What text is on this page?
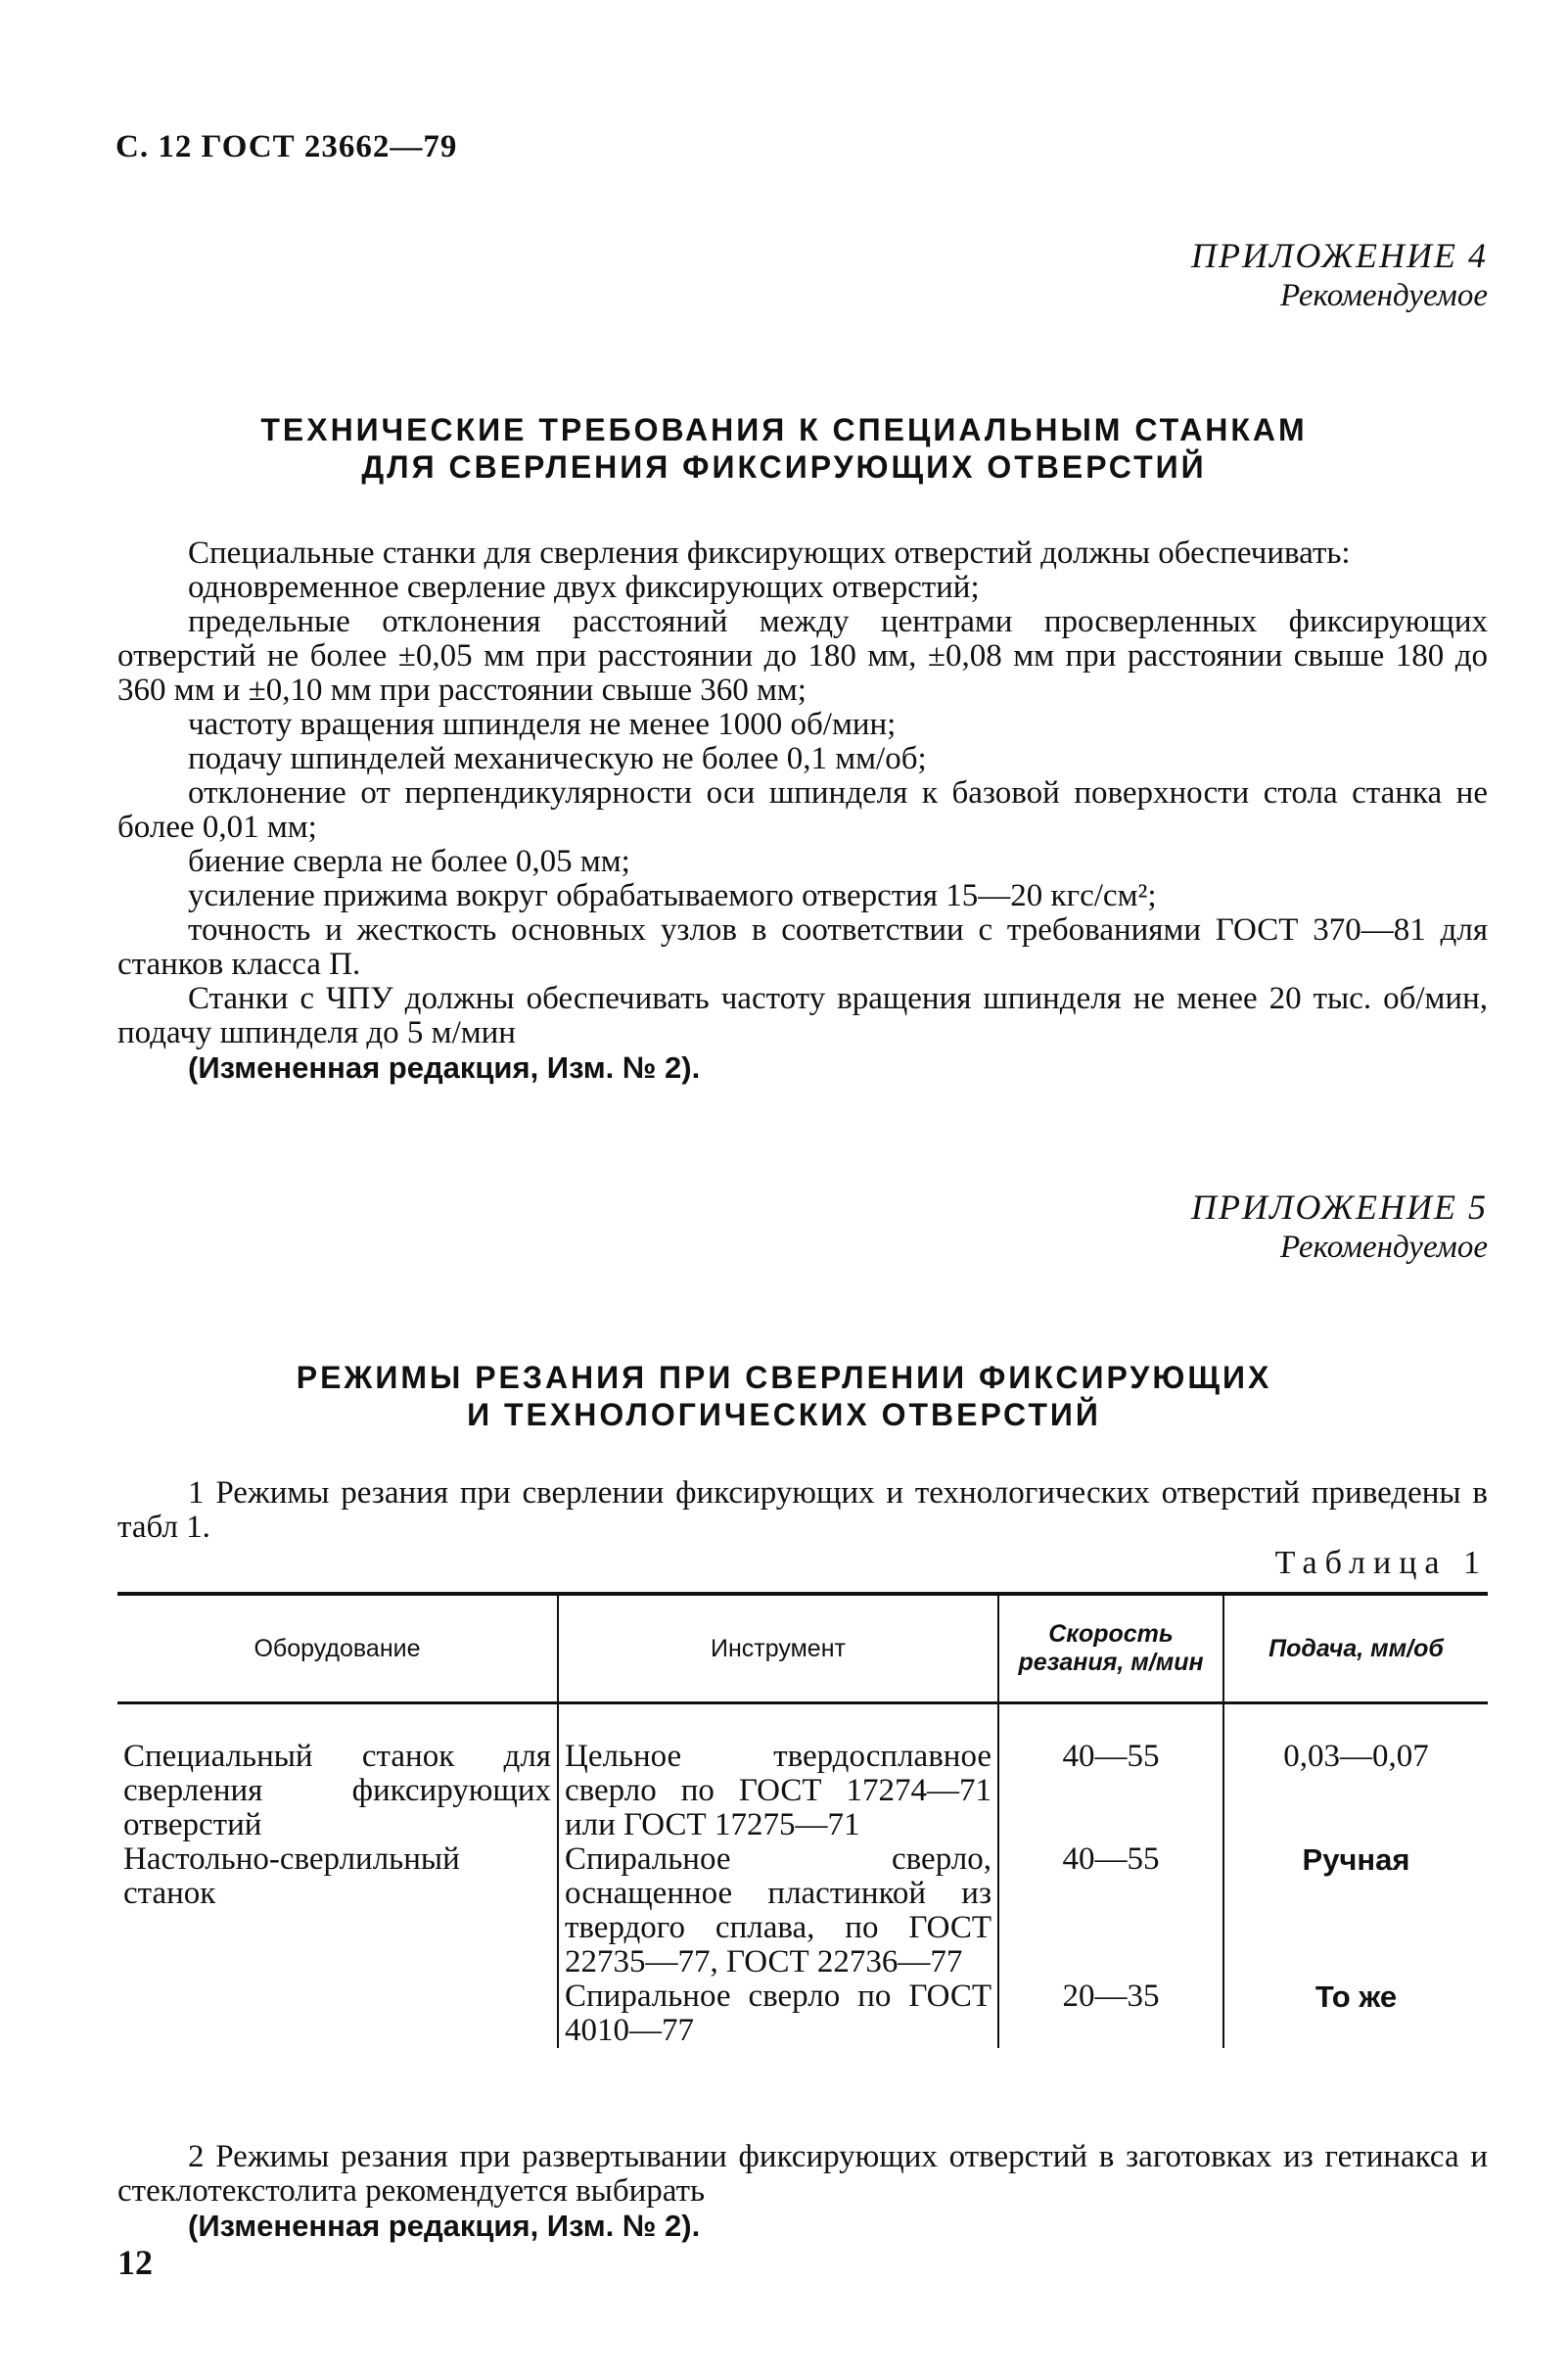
С. 12 ГОСТ 23662—79
ПРИЛОЖЕНИЕ 4
Рекомендуемое
ТЕХНИЧЕСКИЕ ТРЕБОВАНИЯ К СПЕЦИАЛЬНЫМ СТАНКАМ
ДЛЯ СВЕРЛЕНИЯ ФИКСИРУЮЩИХ ОТВЕРСТИЙ

Специальные станки для сверления фиксирующих отверстий должны обеспечивать:

одновременное сверление двух фиксирующих отверстий;

предельные отклонения расстояний между центрами просверленных фиксирующих отверстий не более ±0,05 мм при расстоянии до 180 мм, ±0,08 мм при расстоянии свыше 180 до 360 мм и ±0,10 мм при расстоянии свыше 360 мм;

частоту вращения шпинделя не менее 1000 об/мин;

подачу шпинделей механическую не более 0,1 мм/об;

отклонение от перпендикулярности оси шпинделя к базовой поверхности стола станка не более 0,01 мм;

биение сверла не более 0,05 мм;

усиление прижима вокруг обрабатываемого отверстия 15—20 кгс/см²;

точность и жесткость основных узлов в соответствии с требованиями ГОСТ 370—81 для станков класса П.

Станки с ЧПУ должны обеспечивать частоту вращения шпинделя не менее 20 тыс. об/мин, подачу шпинделя до 5 м/мин

(Измененная редакция, Изм. № 2).

ПРИЛОЖЕНИЕ 5
Рекомендуемое
РЕЖИМЫ РЕЗАНИЯ ПРИ СВЕРЛЕНИИ ФИКСИРУЮЩИХ
И ТЕХНОЛОГИЧЕСКИХ ОТВЕРСТИЙ

1 Режимы резания при сверлении фиксирующих и технологических отверстий приведены в табл 1.

Таблица 1
Оборудование	Инструмент	Скорость резания, м/мин	Подача, мм/об
Специальный станок для сверления фиксирующих отверстий	Цельное твердосплавное сверло по ГОСТ 17274—71 или ГОСТ 17275—71	40—55	0,03—0,07
Настольно-сверлильный станок	Спиральное сверло, оснащенное пластинкой из твердого сплава, по ГОСТ 22735—77, ГОСТ 22736—77	40—55	Ручная
	Спиральное сверло по ГОСТ 4010—77	20—35	То же

2 Режимы резания при развертывании фиксирующих отверстий в заготовках из гетинакса и стеклотекстолита рекомендуется выбирать

(Измененная редакция, Изм. № 2).

12
